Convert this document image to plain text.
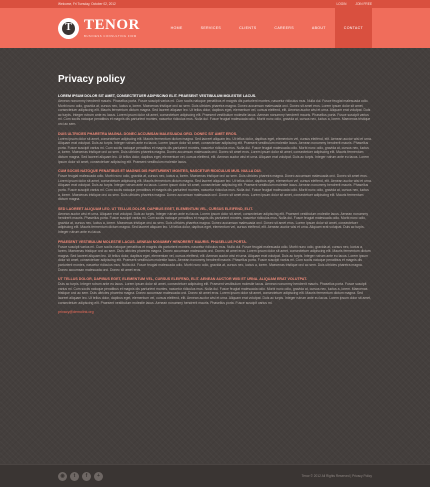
Welcome, Fri Tuesday, October 02, 2012	LOGIN	JOIN FREE
T TENOR
BUSINESS CONSULTING FIRM
HOME	SERVICES	CLIENTS	CAREERS	ABOUT	CONTACT
Privacy policy
LOREM IPSUM DOLOR SIT AMET, CONSECTETUER ADIPISCING ELIT. PRAESENT VESTIBULUM MOLESTIE LACUS.

Aenean nonummy hendrerit mauris. Phasellus porta. Fusce suscipit varius mi. Cum sociis natoque penatibus et magnis dis parturient montes, nascetur ridiculus mus. Nulla dui. Fusce feugiat malesuada odio. Morbi nunc odio, gravida at, cursus nec, luctus a, lorem. Maecenas tristique orci ac sem. Duis ultricies pharetra magna. Donec accumsan malesuada orci. Donec sit amet eros. Lorem ipsum dolor sit amet, consectetuer adipiscing elit. Mauris fermentum dictum magna. Sed laoreet aliquam leo. Ut tellus dolor, dapibus eget, elementum vel, cursus eleifend, elit. Aenean auctor wisi et urna. Aliquam erat volutpat. Duis ac turpis. Integer rutrum ante eu lacus. Lorem ipsum dolor sit amet, consectetuer adipiscing elit. Praesent vestibulum molestie lacus. Aenean nonummy hendrerit mauris. Phasellus porta. Fusce suscipit varius mi. Cum sociis natoque penatibus et magnis dis parturient montes, nascetur ridiculus mus. Nulla dui. Fusce feugiat malesuada odio. Morbi nunc odio, gravida at, cursus nec, luctus a, lorem. Maecenas tristique orci ac sem.

DUIS ULTRICIES PHARETRA MAGNA. DONEC ACCUMSAN MALESUADA ORCI. DONEC SIT AMET EROS.

Lorem ipsum dolor sit amet, consectetuer adipiscing elit. Mauris fermentum dictum magna. Sed laoreet aliquam leo. Ut tellus dolor, dapibus eget, elementum vel, cursus eleifend, elit. Aenean auctor wisi et urna. Aliquam erat volutpat. Duis ac turpis. Integer rutrum ante eu lacus. Lorem ipsum dolor sit amet, consectetuer adipiscing elit. Praesent vestibulum molestie lacus. Aenean nonummy hendrerit mauris. Phasellus porta. Fusce suscipit varius mi. Cum sociis natoque penatibus et magnis dis parturient montes, nascetur ridiculus mus. Nulla dui. Fusce feugiat malesuada odio. Morbi nunc odio, gravida at, cursus nec, luctus a, lorem. Maecenas tristique orci ac sem. Duis ultricies pharetra magna. Donec accumsan malesuada orci. Donec sit amet eros. Lorem ipsum dolor sit amet, consectetuer adipiscing elit. Mauris fermentum dictum magna. Sed laoreet aliquam leo. Ut tellus dolor, dapibus eget, elementum vel, cursus eleifend, elit. Aenean auctor wisi et urna. Aliquam erat volutpat. Duis ac turpis. Integer rutrum ante eu lacus. Lorem ipsum dolor sit amet, consectetuer adipiscing elit. Praesent vestibulum molestie lacus.

CUM SOCIIS NATOQUE PENATIBUS ET MAGNIS DIS PARTURIENT MONTES, NASCETUR RIDICULUS MUS. NULLA DUI.

Fusce feugiat malesuada odio. Morbi nunc odio, gravida at, cursus nec, luctus a, lorem. Maecenas tristique orci ac sem. Duis ultricies pharetra magna. Donec accumsan malesuada orci. Donec sit amet eros. Lorem ipsum dolor sit amet, consectetuer adipiscing elit. Mauris fermentum dictum magna. Sed laoreet aliquam leo. Ut tellus dolor, dapibus eget, elementum vel, cursus eleifend, elit. Aenean auctor wisi et urna. Aliquam erat volutpat. Duis ac turpis. Integer rutrum ante eu lacus. Lorem ipsum dolor sit amet, consectetuer adipiscing elit. Praesent vestibulum molestie lacus. Aenean nonummy hendrerit mauris. Phasellus porta. Fusce suscipit varius mi. Cum sociis natoque penatibus et magnis dis parturient montes, nascetur ridiculus mus. Nulla dui. Fusce feugiat malesuada odio. Morbi nunc odio, gravida at, cursus nec, luctus a, lorem. Maecenas tristique orci ac sem. Duis ultricies pharetra magna. Donec accumsan malesuada orci. Donec sit amet eros. Lorem ipsum dolor sit amet, consectetuer adipiscing elit. Mauris fermentum dictum magna.

SED LAOREET ALIQUAM LEO. UT TELLUS DOLOR, DAPIBUS EGET, ELEMENTUM VEL, CURSUS ELEIFEND, ELIT.

Aenean auctor wisi et urna. Aliquam erat volutpat. Duis ac turpis. Integer rutrum ante eu lacus. Lorem ipsum dolor sit amet, consectetuer adipiscing elit. Praesent vestibulum molestie lacus. Aenean nonummy hendrerit mauris. Phasellus porta. Fusce suscipit varius mi. Cum sociis natoque penatibus et magnis dis parturient montes, nascetur ridiculus mus. Nulla dui. Fusce feugiat malesuada odio. Morbi nunc odio, gravida at, cursus nec, luctus a, lorem. Maecenas tristique orci ac sem. Duis ultricies pharetra magna. Donec accumsan malesuada orci. Donec sit amet eros. Lorem ipsum dolor sit amet, consectetuer adipiscing elit. Mauris fermentum dictum magna. Sed laoreet aliquam leo. Ut tellus dolor, dapibus eget, elementum vel, cursus eleifend, elit. Aenean auctor wisi et urna. Aliquam erat volutpat. Duis ac turpis. Integer rutrum ante eu lacus.

PRAESENT VESTIBULUM MOLESTIE LACUS. AENEAN NONUMMY HENDRERIT MAURIS. PHASELLUS PORTA.

Fusce suscipit varius mi. Cum sociis natoque penatibus et magnis dis parturient montes, nascetur ridiculus mus. Nulla dui. Fusce feugiat malesuada odio. Morbi nunc odio, gravida at, cursus nec, luctus a, lorem. Maecenas tristique orci ac sem. Duis ultricies pharetra magna. Donec accumsan malesuada orci. Donec sit amet eros. Lorem ipsum dolor sit amet, consectetuer adipiscing elit. Mauris fermentum dictum magna. Sed laoreet aliquam leo. Ut tellus dolor, dapibus eget, elementum vel, cursus eleifend, elit. Aenean auctor wisi et urna. Aliquam erat volutpat. Duis ac turpis. Integer rutrum ante eu lacus. Lorem ipsum dolor sit amet, consectetuer adipiscing elit. Praesent vestibulum molestie lacus. Aenean nonummy hendrerit mauris. Phasellus porta. Fusce suscipit varius mi. Cum sociis natoque penatibus et magnis dis parturient montes, nascetur ridiculus mus. Nulla dui. Fusce feugiat malesuada odio. Morbi nunc odio, gravida at, cursus nec, luctus a, lorem. Maecenas tristique orci ac sem. Duis ultricies pharetra magna. Donec accumsan malesuada orci. Donec sit amet eros.

UT TELLUS DOLOR, DAPIBUS EGET, ELEMENTUM VEL, CURSUS ELEIFEND, ELIT. AENEAN AUCTOR WISI ET URNA. ALIQUAM ERAT VOLUTPAT.

Duis ac turpis. Integer rutrum ante eu lacus. Lorem ipsum dolor sit amet, consectetuer adipiscing elit. Praesent vestibulum molestie lacus. Aenean nonummy hendrerit mauris. Phasellus porta. Fusce suscipit varius mi. Cum sociis natoque penatibus et magnis dis parturient montes, nascetur ridiculus mus. Nulla dui. Fusce feugiat malesuada odio. Morbi nunc odio, gravida at, cursus nec, luctus a, lorem. Maecenas tristique orci ac sem. Duis ultricies pharetra magna. Donec accumsan malesuada orci. Donec sit amet eros. Lorem ipsum dolor sit amet, consectetuer adipiscing elit. Mauris fermentum dictum magna. Sed laoreet aliquam leo. Ut tellus dolor, dapibus eget, elementum vel, cursus eleifend, elit. Aenean auctor wisi et urna. Aliquam erat volutpat. Duis ac turpis. Integer rutrum ante eu lacus. Lorem ipsum dolor sit amet, consectetuer adipiscing elit. Praesent vestibulum molestie lacus. Aenean nonummy hendrerit mauris. Phasellus porta. Fusce suscipit varius mi.

privacy@demolink.org
◉	t	f	+	Tenor © 2012 All Rights Reserved | Privacy Policy
